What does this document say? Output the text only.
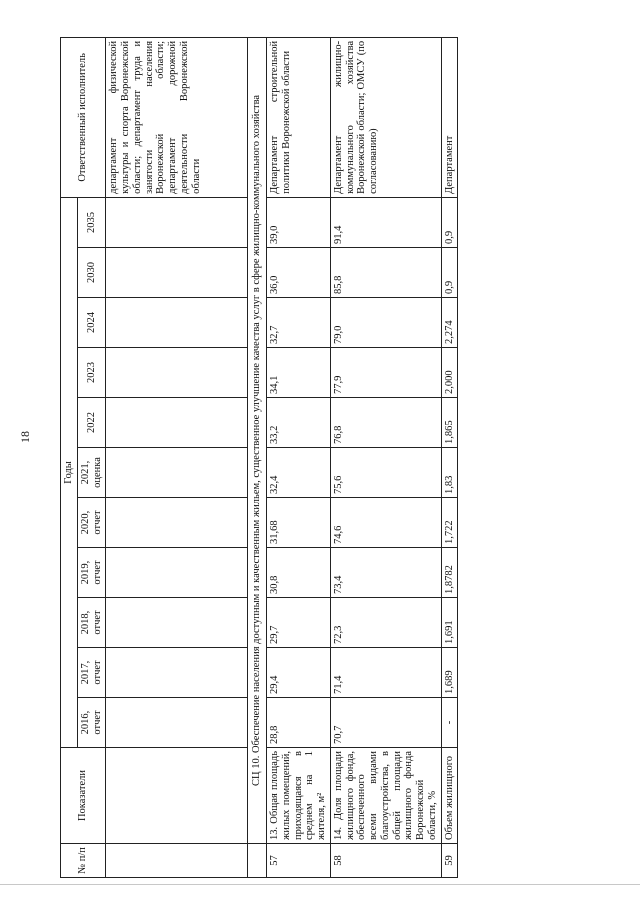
18
№ п/п	Показатели	Годы											Ответственный исполнитель
		2016, отчет	2017, отчет	2018, отчет	2019, отчет	2020, отчет	2021, оценка	2022	2023	2024	2030	2035	
													департамент физической культуры и спорта Воронежской области; департамент труда и занятости населения Воронежской области; департамент дорожной деятельности Воронежской области
	СЦ 10. Обеспечение населения доступным и качественным жильем, существенное улучшение качества услуг в сфере жилищно-коммунального хозяйства												
57	13. Общая площадь жилых помещений, приходящаяся в среднем на 1 жителя, м²	28,8	29,4	29,7	30,8	31,68	32,4	33,2	34,1	32,7	36,0	39,0	Департамент строительной политики Воронежской области
58	14. Доля площади жилищного фонда, обеспеченного всеми видами благоустройства, в общей площади жилищного фонда Воронежской области, %	70,7	71,4	72,3	73,4	74,6	75,6	76,8	77,9	79,0	85,8	91,4	Департамент жилищно-коммунального хозяйства Воронежской области; ОМСУ (по согласованию)
59	Объем жилищного	-	1,689	1,691	1,8782	1,722	1,83	1,865	2,000	2,274	0,9	0,9	Департамент
